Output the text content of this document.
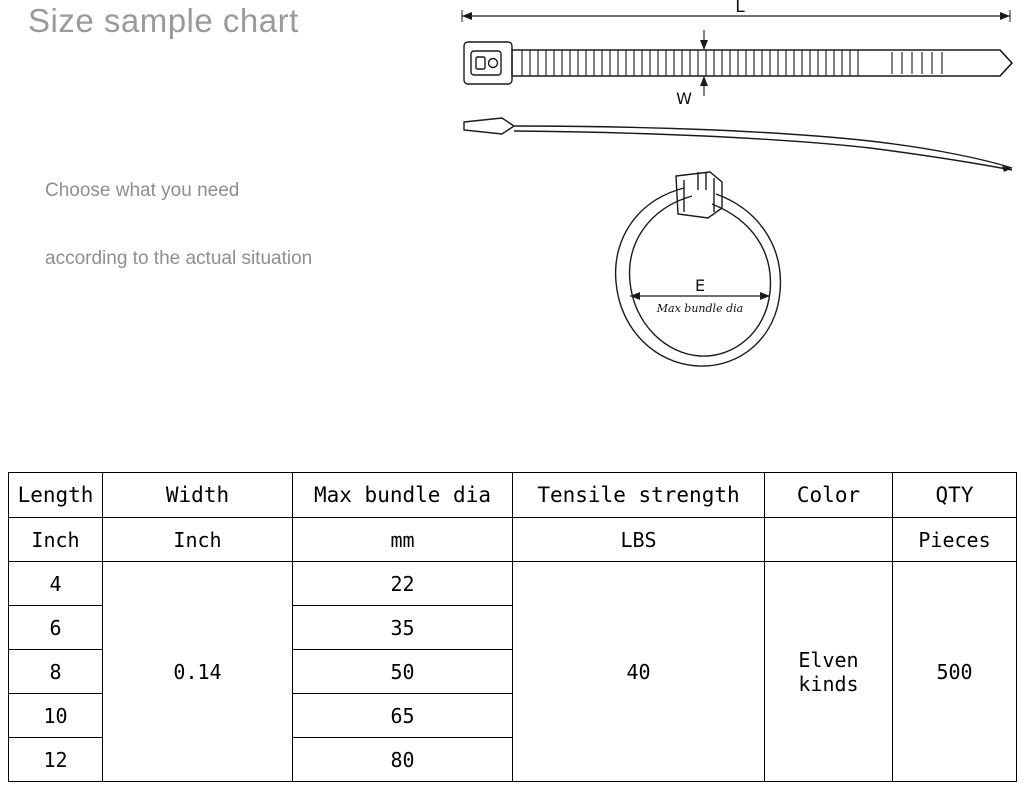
Size sample chart
Choose what you need
according to the actual situation
L
W
E
Max bundle dia
Length	Width	Max bundle dia	Tensile strength	Color	QTY
Inch	Inch	mm	LBS		Pieces
4	0.14	22	40	Elven kinds	500
6		35			
8		50			
10		65			
12		80			
